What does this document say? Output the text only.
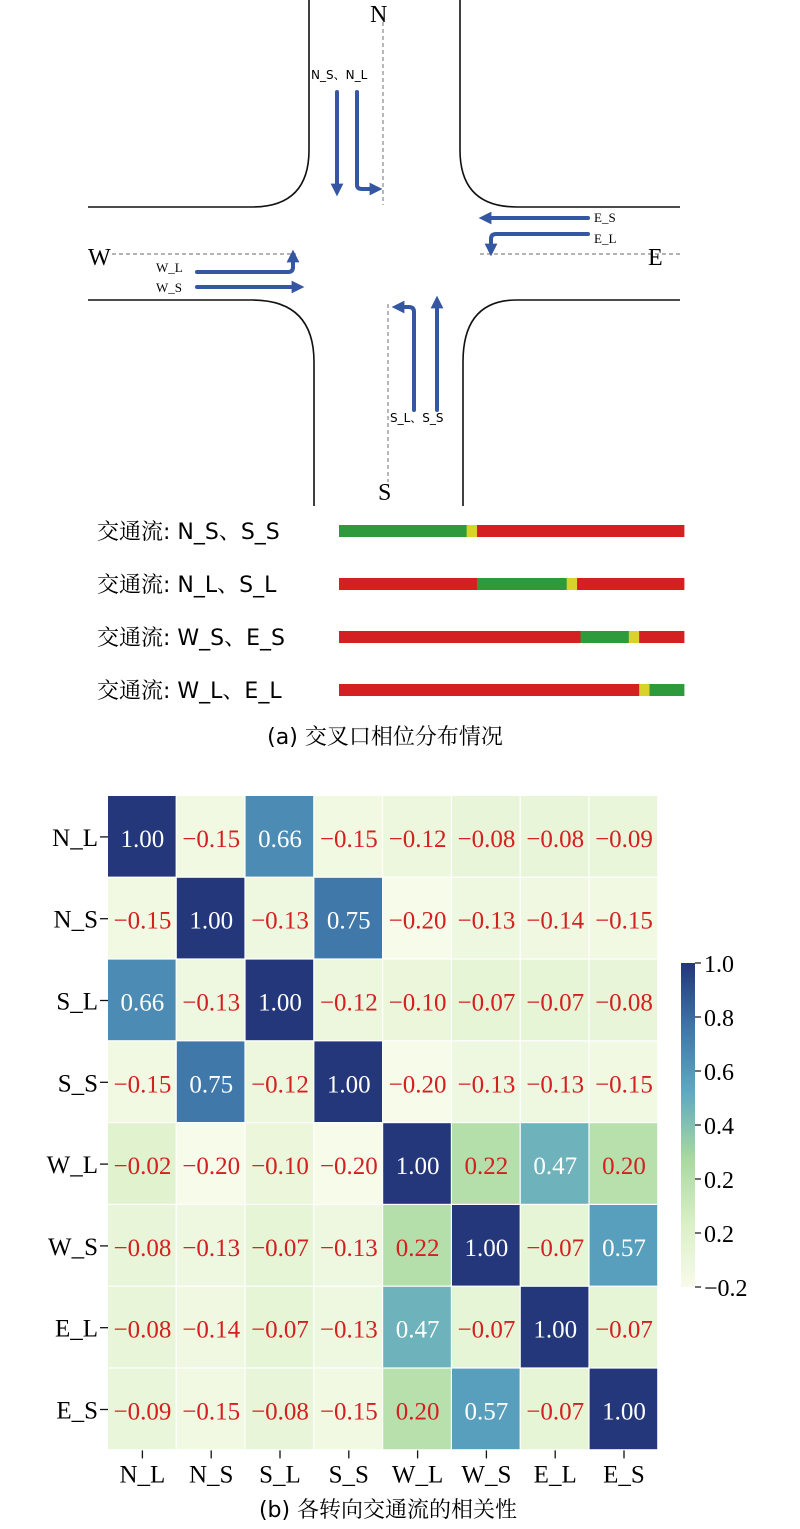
N
S
W	E
N_S、N_L
S_L、S_S
W_L
W_S
E_S
E_L
交通流: N_S、S_S
交通流: N_L、S_L
交通流: W_S、E_S
交通流: W_L、E_L
(a) 交叉口相位分布情况
1.00 −0.15 0.66 −0.15 −0.12 −0.08 −0.08 −0.09
−0.15 1.00 −0.13 0.75 −0.20 −0.13 −0.14 −0.15
0.66 −0.13 1.00 −0.12 −0.10 −0.07 −0.07 −0.08
−0.15 0.75 −0.12 1.00 −0.20 −0.13 −0.13 −0.15
−0.02 −0.20 −0.10 −0.20 1.00 0.22 0.47 0.20
−0.08 −0.13 −0.07 −0.13 0.22 1.00 −0.07 0.57
−0.08 −0.14 −0.07 −0.13 0.47 −0.07 1.00 −0.07
−0.09 −0.15 −0.08 −0.15 0.20 0.57 −0.07 1.00
N_L
N_S
S_L
S_S
W_L
W_S
E_L
E_S
N_L N_S S_L S_S W_L W_S E_L E_S
1.0
0.8
0.6
0.4
0.2
0.2
−0.2
(b) 各转向交通流的相关性
